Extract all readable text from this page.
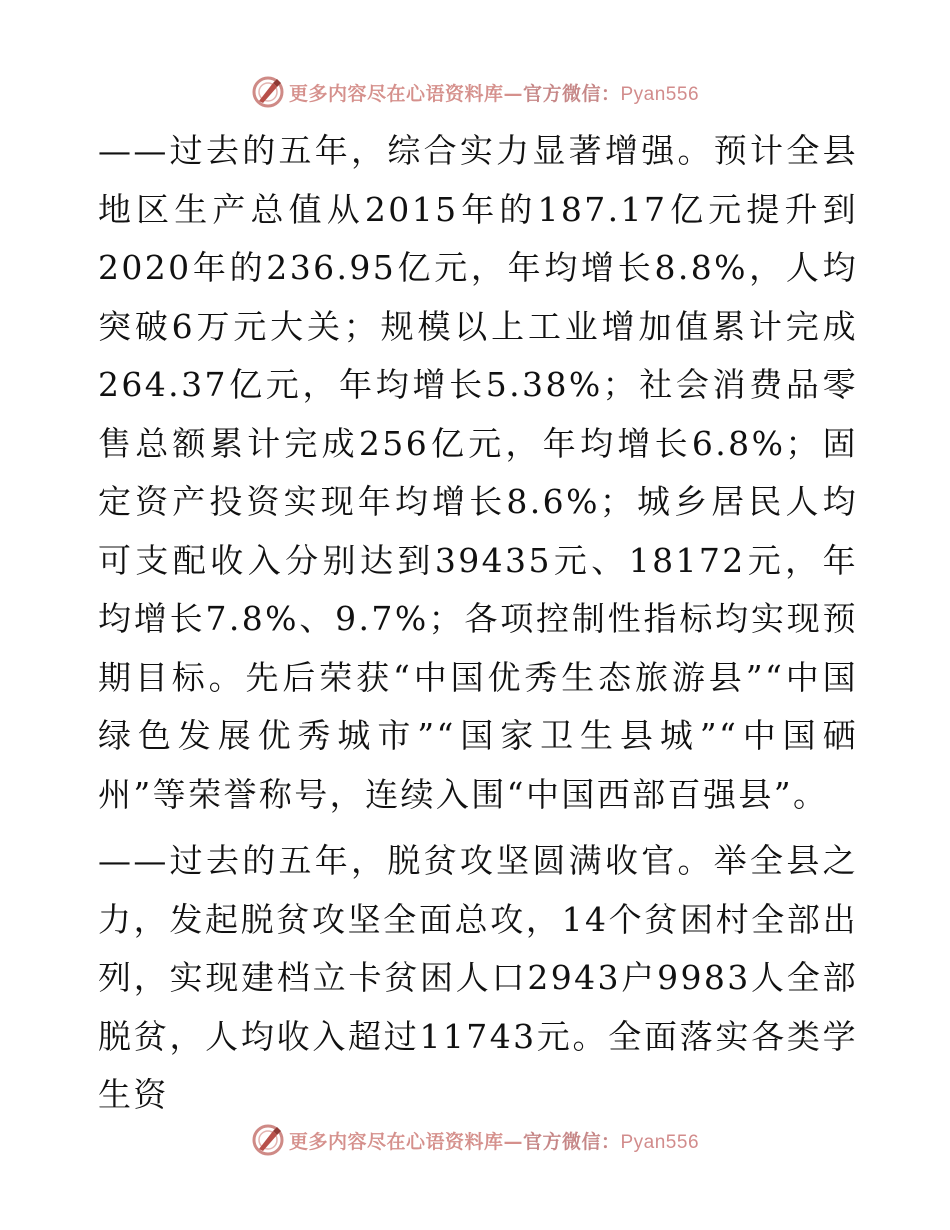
更多内容尽在心语资料库—官方微信：Pyan556

——过去的五年，综合实力显著增强。预计全县地区生产总值从2015年的187.17亿元提升到2020年的236.95亿元，年均增长8.8%，人均突破6万元大关；规模以上工业增加值累计完成264.37亿元，年均增长5.38%；社会消费品零售总额累计完成256亿元，年均增长6.8%；固定资产投资实现年均增长8.6%；城乡居民人均可支配收入分别达到39435元、18172元，年均增长7.8%、9.7%；各项控制性指标均实现预期目标。先后荣获“中国优秀生态旅游县”“中国绿色发展优秀城市”“国家卫生县城”“中国硒州”等荣誉称号，连续入围“中国西部百强县”。

——过去的五年，脱贫攻坚圆满收官。举全县之力，发起脱贫攻坚全面总攻，14个贫困村全部出列，实现建档立卡贫困人口2943户9983人全部脱贫，人均收入超过11743元。全面落实各类学生资

更多内容尽在心语资料库—官方微信：Pyan556
